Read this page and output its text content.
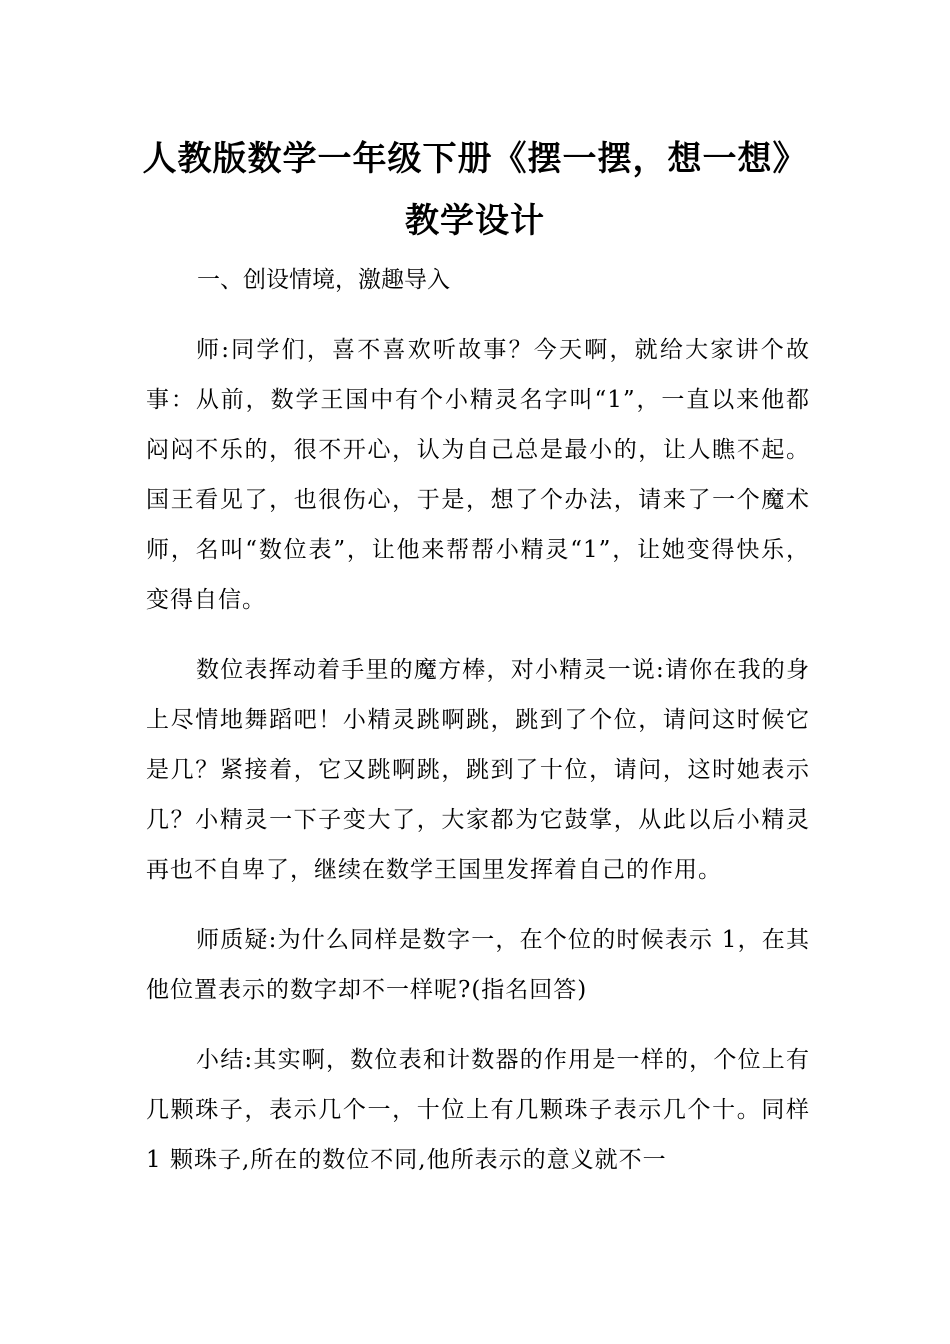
人教版数学一年级下册《摆一摆，想一想》教学设计
一、创设情境，激趣导入

师:同学们，喜不喜欢听故事？今天啊，就给大家讲个故事：从前，数学王国中有个小精灵名字叫“1”，一直以来他都闷闷不乐的，很不开心，认为自己总是最小的，让人瞧不起。国王看见了，也很伤心，于是，想了个办法，请来了一个魔术师，名叫“数位表”，让他来帮帮小精灵“1”，让她变得快乐，变得自信。

数位表挥动着手里的魔方棒，对小精灵一说:请你在我的身上尽情地舞蹈吧！小精灵跳啊跳，跳到了个位，请问这时候它是几？紧接着，它又跳啊跳，跳到了十位，请问，这时她表示几？小精灵一下子变大了，大家都为它鼓掌，从此以后小精灵再也不自卑了，继续在数学王国里发挥着自己的作用。

师质疑:为什么同样是数字一，在个位的时候表示 1，在其他位置表示的数字却不一样呢?(指名回答)

小结:其实啊，数位表和计数器的作用是一样的，个位上有几颗珠子，表示几个一，十位上有几颗珠子表示几个十。同样 1 颗珠子,所在的数位不同,他所表示的意义就不一
